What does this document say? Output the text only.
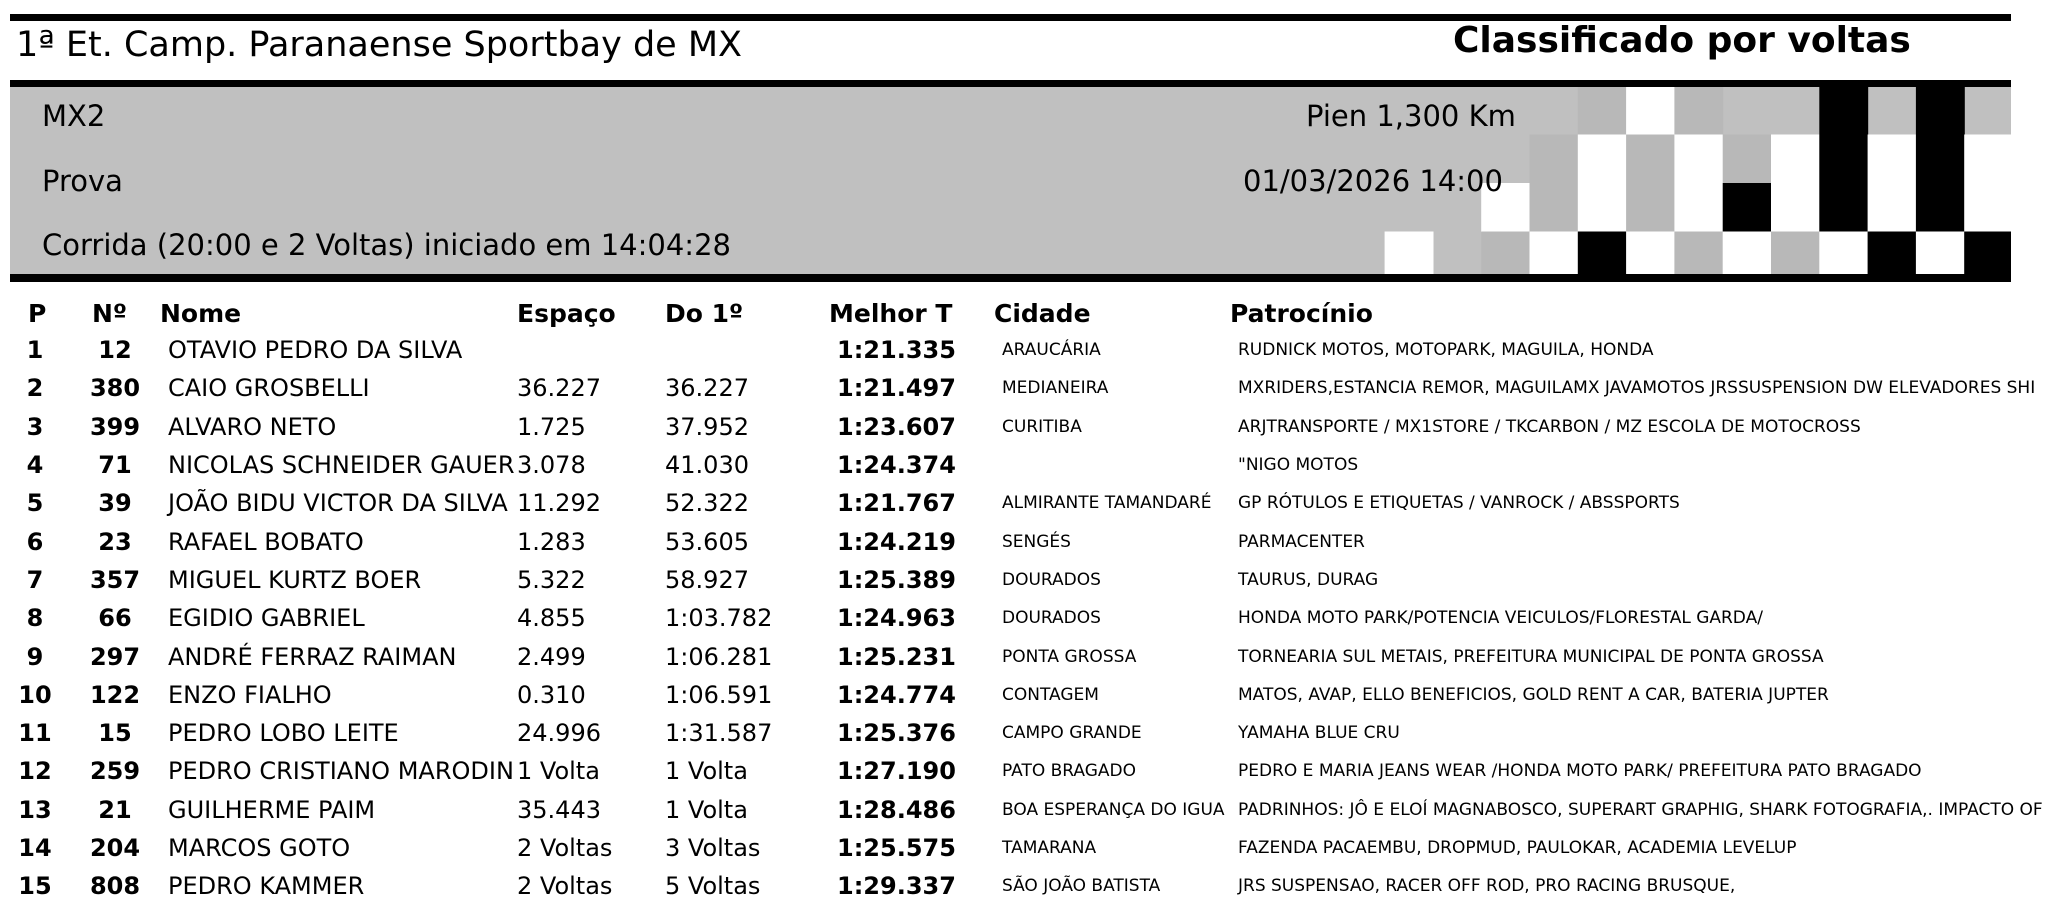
1ª Et. Camp. Paranaense Sportbay de MX	Classificado por voltas
MX2
Prova
Corrida (20:00 e 2 Voltas) iniciado em 14:04:28
Pien 1,300 Km
01/03/2026 14:00
P	Nº	Nome	Espaço	Do 1º	Melhor T	Cidade	Patrocínio
1	12	OTAVIO PEDRO DA SILVA			1:21.335	ARAUCÁRIA	RUDNICK MOTOS, MOTOPARK, MAGUILA, HONDA
2	380	CAIO GROSBELLI	36.227	36.227	1:21.497	MEDIANEIRA	MXRIDERS,ESTANCIA REMOR, MAGUILAMX JAVAMOTOS JRSSUSPENSION DW ELEVADORES SHI
3	399	ALVARO NETO	1.725	37.952	1:23.607	CURITIBA	ARJTRANSPORTE / MX1STORE / TKCARBON / MZ ESCOLA DE MOTOCROSS
4	71	NICOLAS SCHNEIDER GAUER	3.078	41.030	1:24.374		"NIGO MOTOS
5	39	JOÃO BIDU VICTOR DA SILVA	11.292	52.322	1:21.767	ALMIRANTE TAMANDARÉ	GP RÓTULOS E ETIQUETAS / VANROCK / ABSSPORTS
6	23	RAFAEL BOBATO	1.283	53.605	1:24.219	SENGÉS	PARMACENTER
7	357	MIGUEL KURTZ BOER	5.322	58.927	1:25.389	DOURADOS	TAURUS, DURAG
8	66	EGIDIO GABRIEL	4.855	1:03.782	1:24.963	DOURADOS	HONDA MOTO PARK/POTENCIA VEICULOS/FLORESTAL GARDA/
9	297	ANDRÉ FERRAZ RAIMAN	2.499	1:06.281	1:25.231	PONTA GROSSA	TORNEARIA SUL METAIS, PREFEITURA MUNICIPAL DE PONTA GROSSA
10	122	ENZO FIALHO	0.310	1:06.591	1:24.774	CONTAGEM	MATOS, AVAP, ELLO BENEFICIOS, GOLD RENT A CAR, BATERIA JUPTER
11	15	PEDRO LOBO LEITE	24.996	1:31.587	1:25.376	CAMPO GRANDE	YAMAHA BLUE CRU
12	259	PEDRO CRISTIANO MARODIN	1 Volta	1 Volta	1:27.190	PATO BRAGADO	PEDRO E MARIA JEANS WEAR /HONDA MOTO PARK/ PREFEITURA PATO BRAGADO
13	21	GUILHERME PAIM	35.443	1 Volta	1:28.486	BOA ESPERANÇA DO IGUA	PADRINHOS: JÔ E ELOÍ MAGNABOSCO, SUPERART GRAPHIG, SHARK FOTOGRAFIA,. IMPACTO OF
14	204	MARCOS GOTO	2 Voltas	3 Voltas	1:25.575	TAMARANA	FAZENDA PACAEMBU, DROPMUD, PAULOKAR, ACADEMIA LEVELUP
15	808	PEDRO KAMMER	2 Voltas	5 Voltas	1:29.337	SÃO JOÃO BATISTA	JRS SUSPENSAO, RACER OFF ROD, PRO RACING BRUSQUE,
